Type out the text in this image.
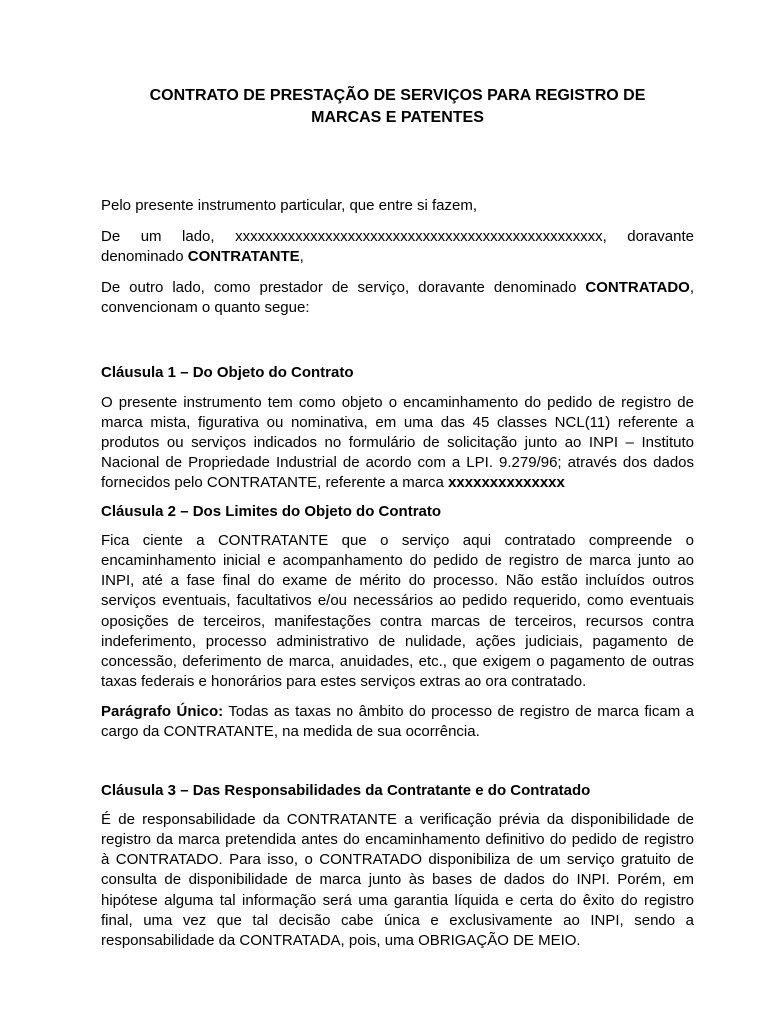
CONTRATO DE PRESTAÇÃO DE SERVIÇOS PARA REGISTRO DE
MARCAS E PATENTES

Pelo presente instrumento particular, que entre si fazem,

De um lado, xxxxxxxxxxxxxxxxxxxxxxxxxxxxxxxxxxxxxxxxxxxxxxxxx, doravante

denominado CONTRATANTE,

De outro lado, como prestador de serviço, doravante denominado CONTRATADO, convencionam o quanto segue:

Cláusula 1 – Do Objeto do Contrato

O presente instrumento tem como objeto o encaminhamento do pedido de registro de marca mista, figurativa ou nominativa, em uma das 45 classes NCL(11) referente a produtos ou serviços indicados no formulário de solicitação junto ao INPI – Instituto Nacional de Propriedade Industrial de acordo com a LPI. 9.279/96; através dos dados fornecidos pelo CONTRATANTE, referente a marca xxxxxxxxxxxxxx

Cláusula 2 – Dos Limites do Objeto do Contrato

Fica ciente a CONTRATANTE que o serviço aqui contratado compreende o encaminhamento inicial e acompanhamento do pedido de registro de marca junto ao INPI, até a fase final do exame de mérito do processo. Não estão incluídos outros serviços eventuais, facultativos e/ou necessários ao pedido requerido, como eventuais oposições de terceiros, manifestações contra marcas de terceiros, recursos contra indeferimento, processo administrativo de nulidade, ações judiciais, pagamento de concessão, deferimento de marca, anuidades, etc., que exigem o pagamento de outras taxas federais e honorários para estes serviços extras ao ora contratado.

Parágrafo Único: Todas as taxas no âmbito do processo de registro de marca ficam a cargo da CONTRATANTE, na medida de sua ocorrência.

Cláusula 3 – Das Responsabilidades da Contratante e do Contratado

É de responsabilidade da CONTRATANTE a verificação prévia da disponibilidade de registro da marca pretendida antes do encaminhamento definitivo do pedido de registro à CONTRATADO. Para isso, o CONTRATADO disponibiliza de um serviço gratuito de consulta de disponibilidade de marca junto às bases de dados do INPI. Porém, em hipótese alguma tal informação será uma garantia líquida e certa do êxito do registro final, uma vez que tal decisão cabe única e exclusivamente ao INPI, sendo a responsabilidade da CONTRATADA, pois, uma OBRIGAÇÃO DE MEIO.
